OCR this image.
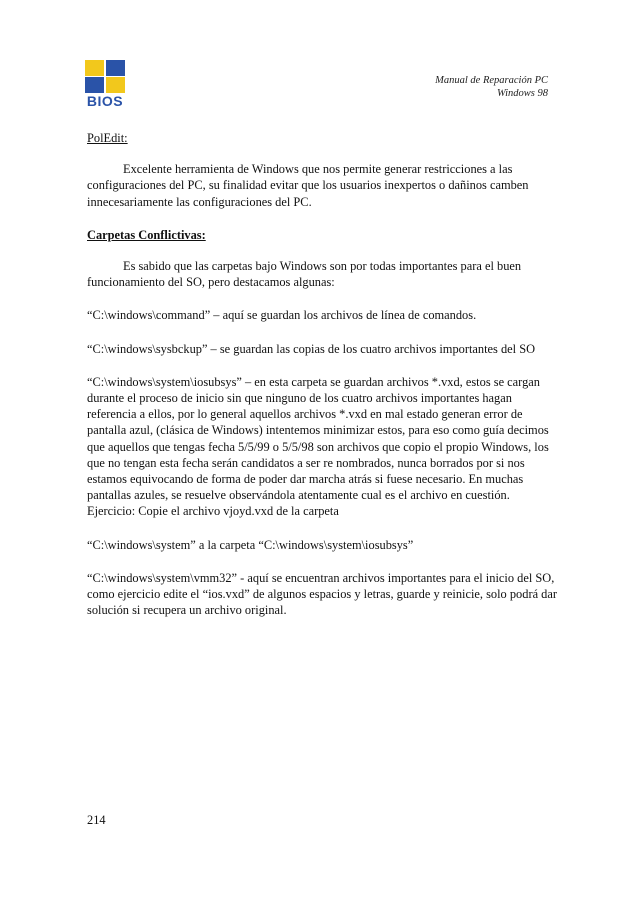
BIOS
Manual de Reparación PC
Windows 98

PolEdit:

Excelente herramienta de Windows que nos permite generar restricciones a las configuraciones del PC, su finalidad evitar que los usuarios inexpertos o dañinos camben innecesariamente las configuraciones del PC.

Carpetas Conflictivas:

Es sabido que las carpetas bajo Windows son por todas importantes para el buen funcionamiento del SO, pero destacamos algunas:

“C:\windows\command” – aquí se guardan los archivos de línea de comandos.

“C:\windows\sysbckup” – se guardan las copias de los cuatro archivos importantes del SO

“C:\windows\system\iosubsys” – en esta carpeta se guardan archivos *.vxd, estos se cargan durante el proceso de inicio sin que ninguno de los cuatro archivos importantes hagan referencia a ellos, por lo general aquellos archivos *.vxd en mal estado generan error de pantalla azul, (clásica de Windows) intentemos minimizar estos, para eso como guía decimos que aquellos que tengas fecha 5/5/99 o 5/5/98 son archivos que copio el propio Windows, los que no tengan esta fecha serán candidatos a ser re nombrados, nunca borrados por si nos estamos equivocando de forma de poder dar marcha atrás si fuese necesario. En muchas pantallas azules, se resuelve observándola atentamente cual es el archivo en cuestión. Ejercicio: Copie el archivo vjoyd.vxd de la carpeta

“C:\windows\system” a la carpeta “C:\windows\system\iosubsys”

“C:\windows\system\vmm32” - aquí se encuentran archivos importantes para el inicio del SO, como ejercicio edite el “ios.vxd” de algunos espacios y letras, guarde y reinicie, solo podrá dar solución si recupera un archivo original.

214
